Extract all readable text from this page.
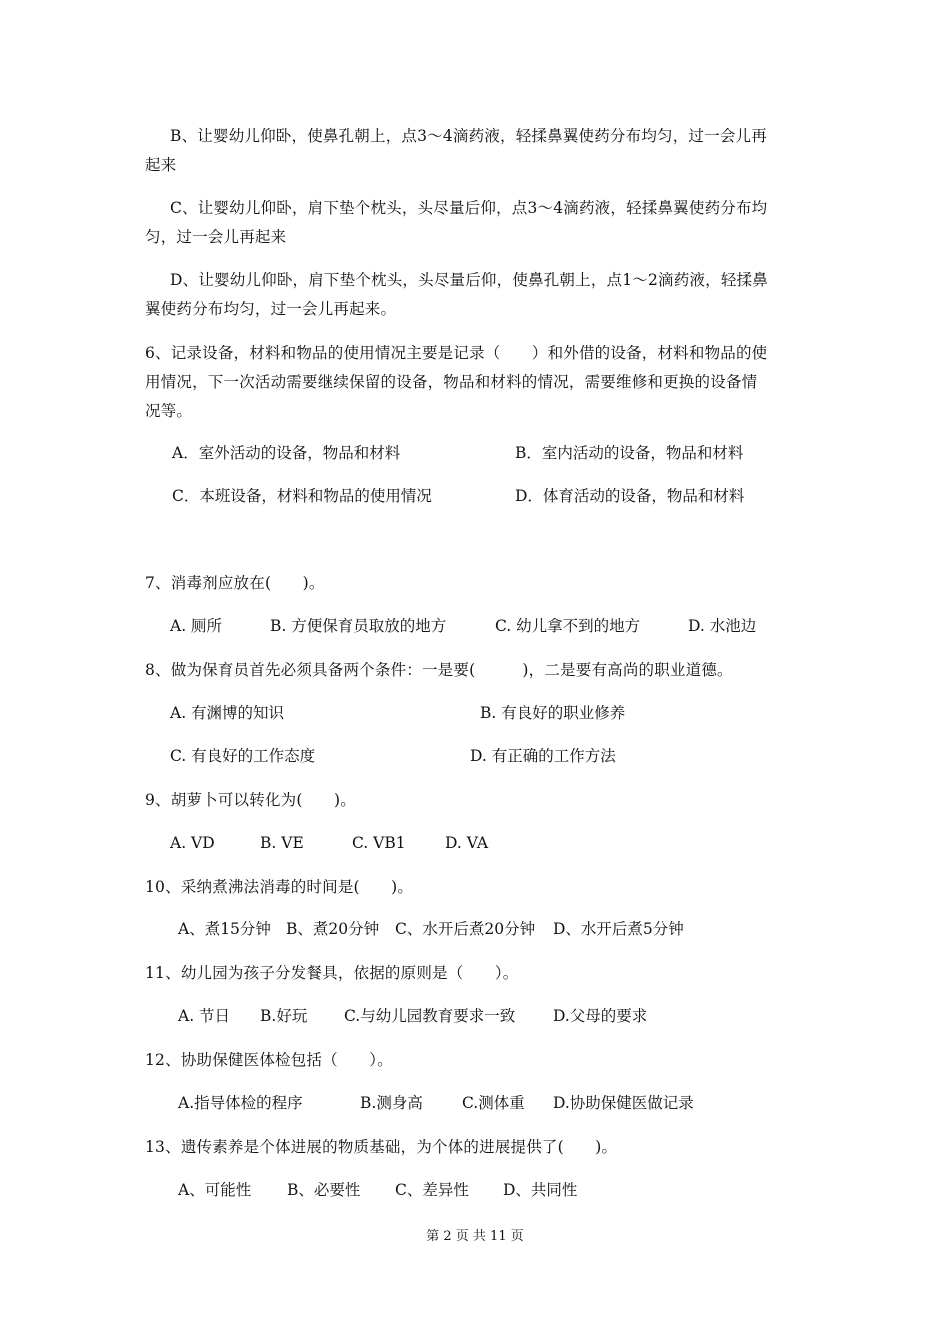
B、让婴幼儿仰卧，使鼻孔朝上，点3～4滴药液，轻揉鼻翼使药分布均匀，过一会儿再
起来
C、让婴幼儿仰卧，肩下垫个枕头，头尽量后仰，点3～4滴药液，轻揉鼻翼使药分布均
匀，过一会儿再起来
D、让婴幼儿仰卧，肩下垫个枕头，头尽量后仰，使鼻孔朝上，点1～2滴药液，轻揉鼻
翼使药分布均匀，过一会儿再起来。
6、记录设备，材料和物品的使用情况主要是记录（　　）和外借的设备，材料和物品的使
用情况，下一次活动需要继续保留的设备，物品和材料的情况，需要维修和更换的设备情
况等。
A．室外活动的设备，物品和材料	B．室内活动的设备，物品和材料
C．本班设备，材料和物品的使用情况	D．体育活动的设备，物品和材料
7、消毒剂应放在(　　)。
A. 厕所	B. 方便保育员取放的地方	C. 幼儿拿不到的地方	D. 水池边
8、做为保育员首先必须具备两个条件：一是要(　　　)，二是要有高尚的职业道德。
A. 有渊博的知识	B. 有良好的职业修养
C. 有良好的工作态度	D. 有正确的工作方法
9、胡萝卜可以转化为(　　)。
A. VD	B. VE	C. VB1	D. VA
10、采纳煮沸法消毒的时间是(　　)。
A、煮15分钟 B、煮20分钟 C、水开后煮20分钟 D、水开后煮5分钟
11、幼儿园为孩子分发餐具，依据的原则是（　　）。
A. 节日 B.好玩 C.与幼儿园教育要求一致 D.父母的要求
12、协助保健医体检包括（　　）。
A.指导体检的程序	B.测身高	C.测体重 D.协助保健医做记录
13、遗传素养是个体进展的物质基础，为个体的进展提供了(　　)。
A、可能性 B、必要性 C、差异性 D、共同性
第 2 页 共 11 页
